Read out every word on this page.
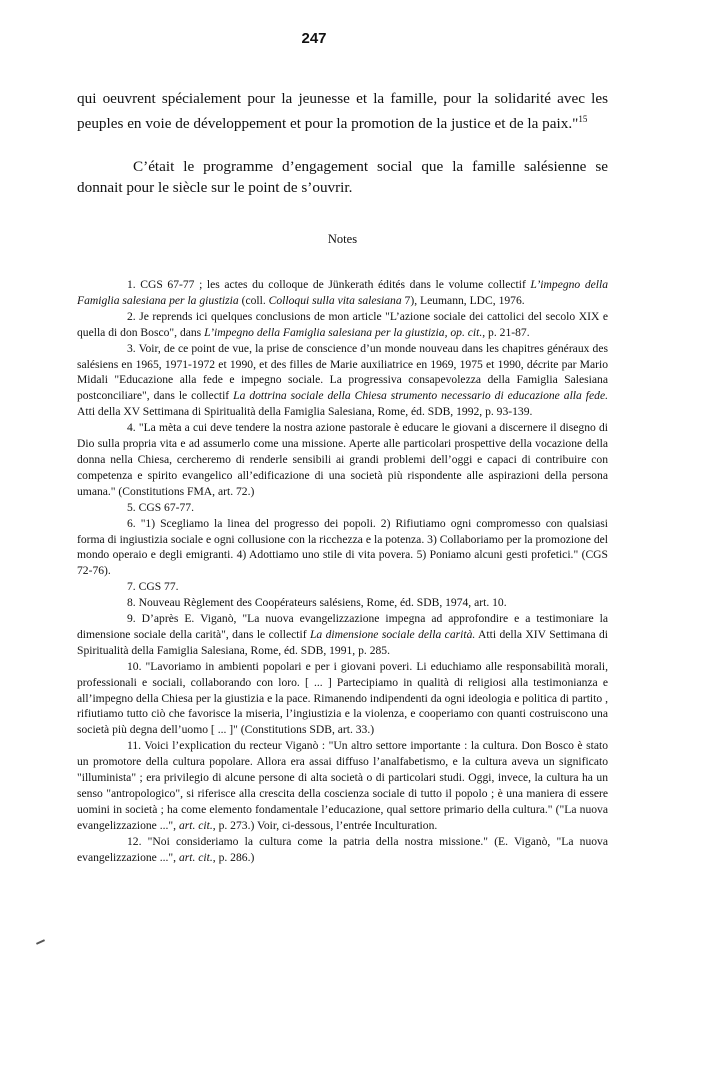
247

qui oeuvrent spécialement pour la jeunesse et la famille, pour la solidarité avec les peuples en voie de développement et pour la promotion de la justice et de la paix."$^{15}$

C’était le programme d’engagement social que la famille salésienne se donnait pour le siècle sur le point de s’ouvrir.

Notes

1. CGS 67-77 ; les actes du colloque de Jünkerath édités dans le volume collectif L’impegno della Famiglia salesiana per la giustizia (coll. Colloqui sulla vita salesiana 7), Leumann, LDC, 1976.

2. Je reprends ici quelques conclusions de mon article "L’azione sociale dei cattolici del secolo XIX e quella di don Bosco", dans L’impegno della Famiglia salesiana per la giustizia, op. cit., p. 21-87.

3. Voir, de ce point de vue, la prise de conscience d’un monde nouveau dans les chapitres généraux des salésiens en 1965, 1971-1972 et 1990, et des filles de Marie auxiliatrice en 1969, 1975 et 1990, décrite par Mario Midali "Educazione alla fede e impegno sociale. La progressiva consapevolezza della Famiglia Salesiana postconciliare", dans le collectif La dottrina sociale della Chiesa strumento necessario di educazione alla fede. Atti della XV Settimana di Spiritualità della Famiglia Salesiana, Rome, éd. SDB, 1992, p. 93-139.

4. "La mèta a cui deve tendere la nostra azione pastorale è educare le giovani a discernere il disegno di Dio sulla propria vita e ad assumerlo come una missione. Aperte alle particolari prospettive della vocazione della donna nella Chiesa, cercheremo di renderle sensibili ai grandi problemi dell’oggi e capaci di contribuire con competenza e spirito evangelico all’edificazione di una società più rispondente alle aspirazioni della persona umana." (Constitutions FMA, art. 72.)

5. CGS 67-77.

6. "1) Scegliamo la linea del progresso dei popoli. 2) Rifiutiamo ogni compromesso con qualsiasi forma di ingiustizia sociale e ogni collusione con la ricchezza e la potenza. 3) Collaboriamo per la promozione del mondo operaio e degli emigranti. 4) Adottiamo uno stile di vita povera. 5) Poniamo alcuni gesti profetici." (CGS 72-76).

7. CGS 77.

8. Nouveau Règlement des Coopérateurs salésiens, Rome, éd. SDB, 1974, art. 10.

9. D’après E. Viganò, "La nuova evangelizzazione impegna ad approfondire e a testimoniare la dimensione sociale della carità", dans le collectif La dimensione sociale della carità. Atti della XIV Settimana di Spiritualità della Famiglia Salesiana, Rome, éd. SDB, 1991, p. 285.

10. "Lavoriamo in ambienti popolari e per i giovani poveri. Li educhiamo alle responsabilità morali, professionali e sociali, collaborando con loro. [ ... ] Partecipiamo in qualità di religiosi alla testimonianza e all’impegno della Chiesa per la giustizia e la pace. Rimanendo indipendenti da ogni ideologia e politica di partito , rifiutiamo tutto ciò che favorisce la miseria, l’ingiustizia e la violenza, e cooperiamo con quanti costruiscono una società più degna dell’uomo [ ... ]" (Constitutions SDB, art. 33.)

11. Voici l’explication du recteur Viganò : "Un altro settore importante : la cultura. Don Bosco è stato un promotore della cultura popolare. Allora era assai diffuso l’analfabetismo, e la cultura aveva un significato "illuminista" ; era privilegio di alcune persone di alta società o di particolari studi. Oggi, invece, la cultura ha un senso "antropologico", si riferisce alla crescita della coscienza sociale di tutto il popolo ; è una maniera di essere uomini in società ; ha come elemento fondamentale l’educazione, qual settore primario della cultura." ("La nuova evangelizzazione ...", art. cit., p. 273.) Voir, ci-dessous, l’entrée Inculturation.

12. "Noi consideriamo la cultura come la patria della nostra missione." (E. Viganò, "La nuova evangelizzazione ...", art. cit., p. 286.)
